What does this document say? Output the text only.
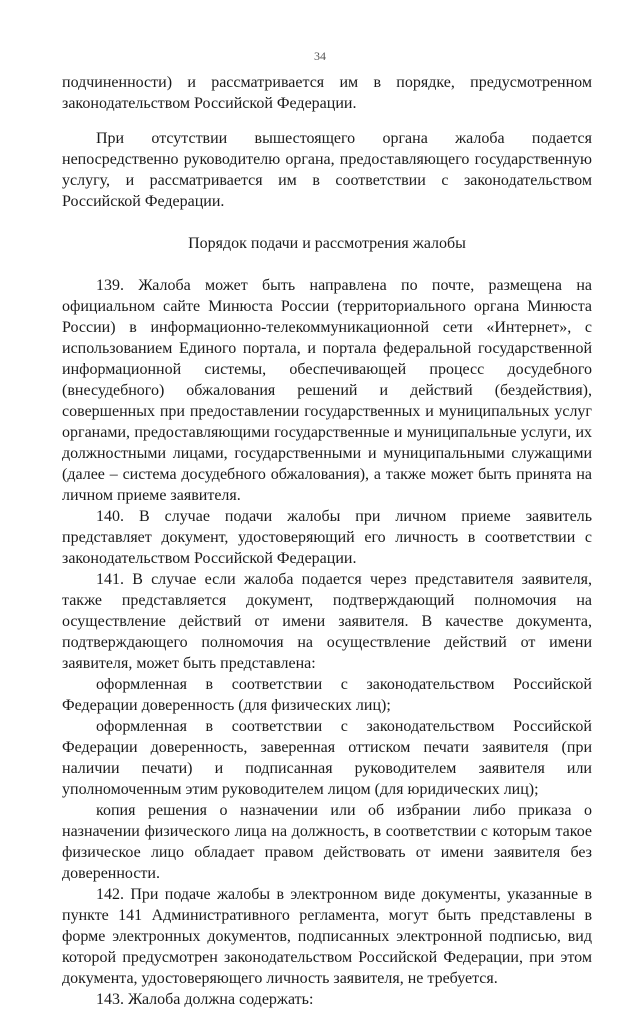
34

подчиненности) и рассматривается им в порядке, предусмотренном законодательством Российской Федерации.

При отсутствии вышестоящего органа жалоба подается непосредственно руководителю органа, предоставляющего государственную услугу, и рассматривается им в соответствии с законодательством Российской Федерации.

Порядок подачи и рассмотрения жалобы

139. Жалоба может быть направлена по почте, размещена на официальном сайте Минюста России (территориального органа Минюста России) в информационно-телекоммуникационной сети «Интернет», с использованием Единого портала, и портала федеральной государственной информационной системы, обеспечивающей процесс досудебного (внесудебного) обжалования решений и действий (бездействия), совершенных при предоставлении государственных и муниципальных услуг органами, предоставляющими государственные и муниципальные услуги, их должностными лицами, государственными и муниципальными служащими (далее – система досудебного обжалования), а также может быть принята на личном приеме заявителя.

140. В случае подачи жалобы при личном приеме заявитель представляет документ, удостоверяющий его личность в соответствии с законодательством Российской Федерации.

141. В случае если жалоба подается через представителя заявителя, также представляется документ, подтверждающий полномочия на осуществление действий от имени заявителя. В качестве документа, подтверждающего полномочия на осуществление действий от имени заявителя, может быть представлена:

оформленная в соответствии с законодательством Российской Федерации доверенность (для физических лиц);

оформленная в соответствии с законодательством Российской Федерации доверенность, заверенная оттиском печати заявителя (при наличии печати) и подписанная руководителем заявителя или уполномоченным этим руководителем лицом (для юридических лиц);

копия решения о назначении или об избрании либо приказа о назначении физического лица на должность, в соответствии с которым такое физическое лицо обладает правом действовать от имени заявителя без доверенности.

142. При подаче жалобы в электронном виде документы, указанные в пункте 141 Административного регламента, могут быть представлены в форме электронных документов, подписанных электронной подписью, вид которой предусмотрен законодательством Российской Федерации, при этом документа, удостоверяющего личность заявителя, не требуется.

143. Жалоба должна содержать:
